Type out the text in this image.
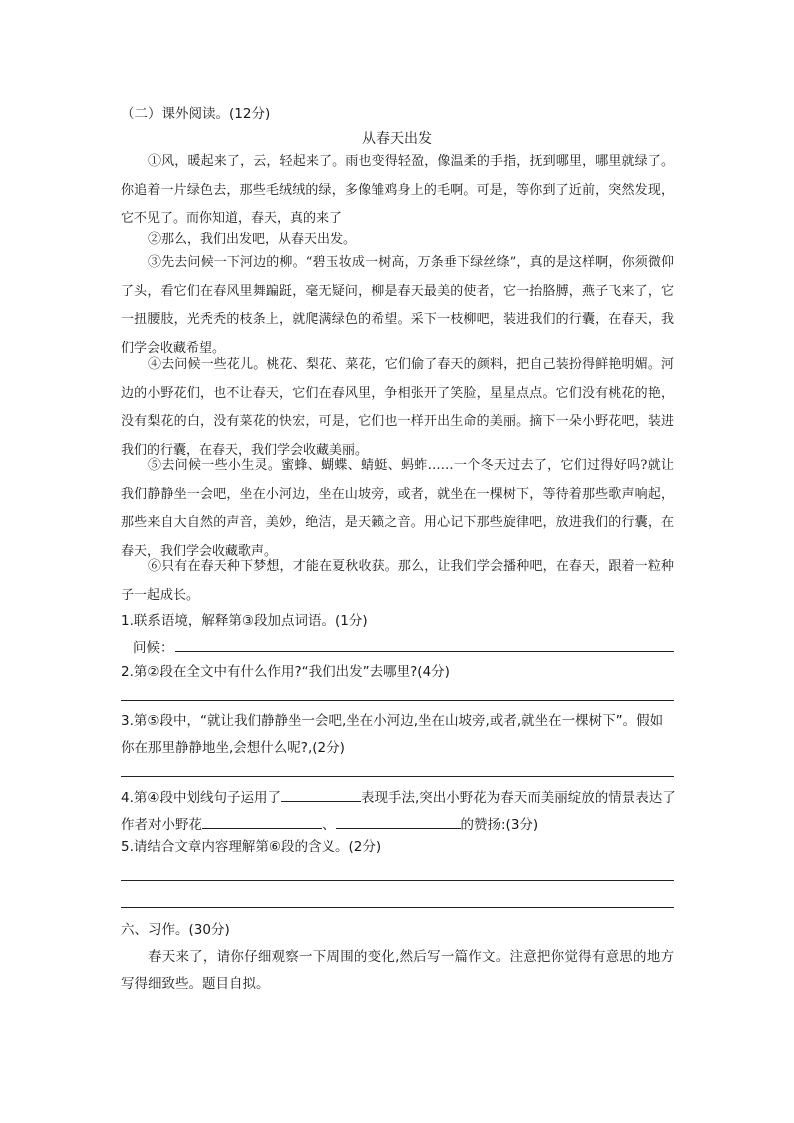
（二）课外阅读。(12分)
从春天出发

①风，暖起来了，云，轻起来了。雨也变得轻盈，像温柔的手指，抚到哪里，哪里就绿了。你追着一片绿色去，那些毛绒绒的绿，多像雏鸡身上的毛啊。可是，等你到了近前，突然发现，它不见了。而你知道，春天，真的来了

②那么，我们出发吧，从春天出发。

③先去问候一下河边的柳。“碧玉妆成一树高，万条垂下绿丝绦”，真的是这样啊，你须微仰了头，看它们在春风里舞蹁跹，毫无疑问，柳是春天最美的使者，它一抬胳膊，燕子飞来了，它一扭腰肢，光秃秃的枝条上，就爬满绿色的希望。采下一枝柳吧，装进我们的行囊，在春天，我们学会收藏希望。

④去问候一些花儿。桃花、梨花、菜花，它们偷了春天的颜料，把自己装扮得鲜艳明媚。河边的小野花们，也不让春天，它们在春风里，争相张开了笑脸，星星点点。它们没有桃花的艳，没有梨花的白，没有菜花的快宏，可是，它们也一样开出生命的美丽。摘下一朵小野花吧，装进我们的行囊，在春天，我们学会收藏美丽。

⑤去问候一些小生灵。蜜蜂、蝴蝶、蜻蜓、蚂蚱……一个冬天过去了，它们过得好吗?就让我们静静坐一会吧，坐在小河边，坐在山坡旁，或者，就坐在一棵树下，等待着那些歌声响起，那些来自大自然的声音，美妙，绝洁，是天籁之音。用心记下那些旋律吧，放进我们的行囊，在春天，我们学会收藏歌声。

⑥只有在春天种下梦想，才能在夏秋收获。那么，让我们学会播种吧，在春天，跟着一粒种子一起成长。

1.联系语境，解释第③段加点词语。(1分)

问候：

2.第②段在全文中有什么作用?“我们出发”去哪里?(4分)

3.第⑤段中，“就让我们静静坐一会吧,坐在小河边,坐在山坡旁,或者,就坐在一棵树下”。假如你在那里静静地坐,会想什么呢?,(2分)

4.第④段中划线句子运用了	表现手法,突出小野花为春天而美丽绽放的情景表达了作者对小野花	、	的赞扬:(3分)

5.请结合文章内容理解第⑥段的含义。(2分)

六、习作。(30分)

春天来了，请你仔细观察一下周围的变化,然后写一篇作文。注意把你觉得有意思的地方写得细致些。题目自拟。
